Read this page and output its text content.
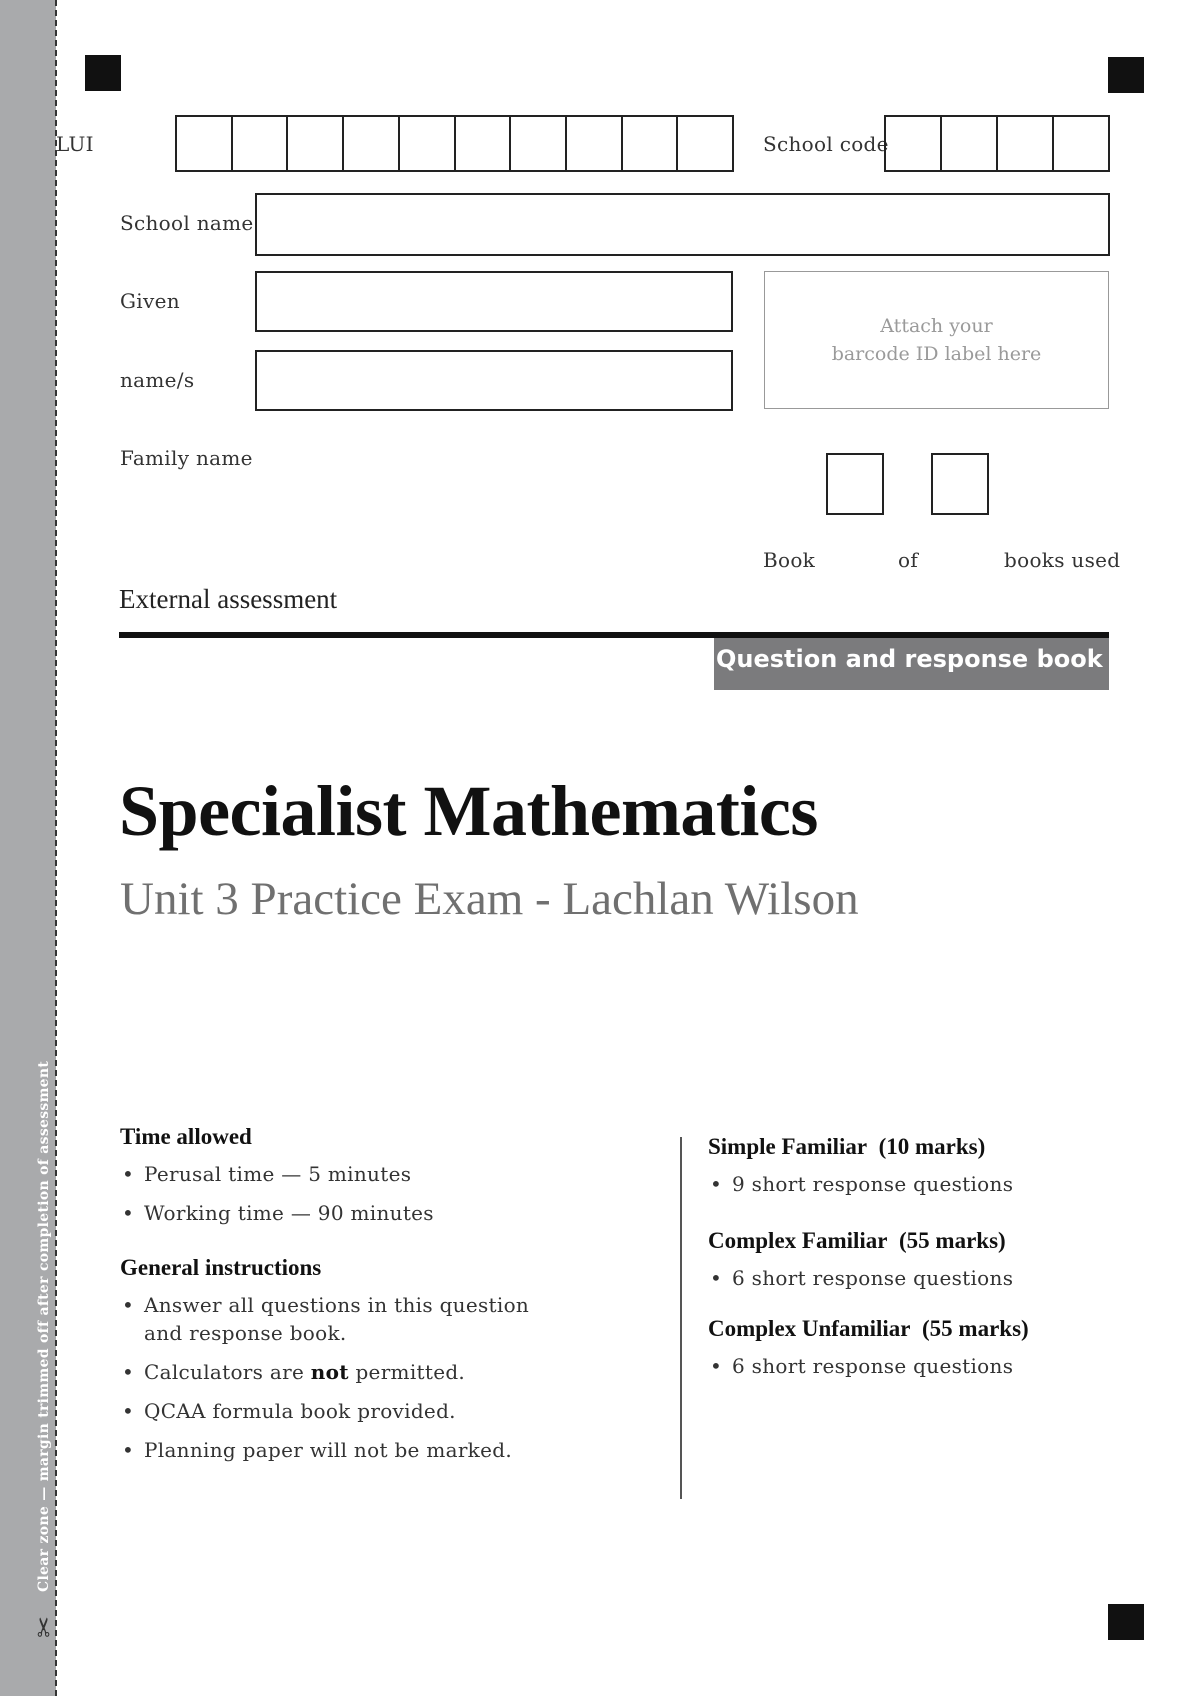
Clear zone — margin trimmed off after completion of assessment
✂
LUI	School code
School name
Given
name/s
Family name
Attach your
barcode ID label here
Book	of	books used
External assessment
Question and response book
Specialist Mathematics
Unit 3 Practice Exam - Lachlan Wilson
Time allowed
• Perusal time — 5 minutes
• Working time — 90 minutes
General instructions
• Answer all questions in this question and response book.
• Calculators are not permitted.
• QCAA formula book provided.
• Planning paper will not be marked.
Simple Familiar (10 marks)
• 9 short response questions
Complex Familiar (55 marks)
• 6 short response questions
Complex Unfamiliar (55 marks)
• 6 short response questions
